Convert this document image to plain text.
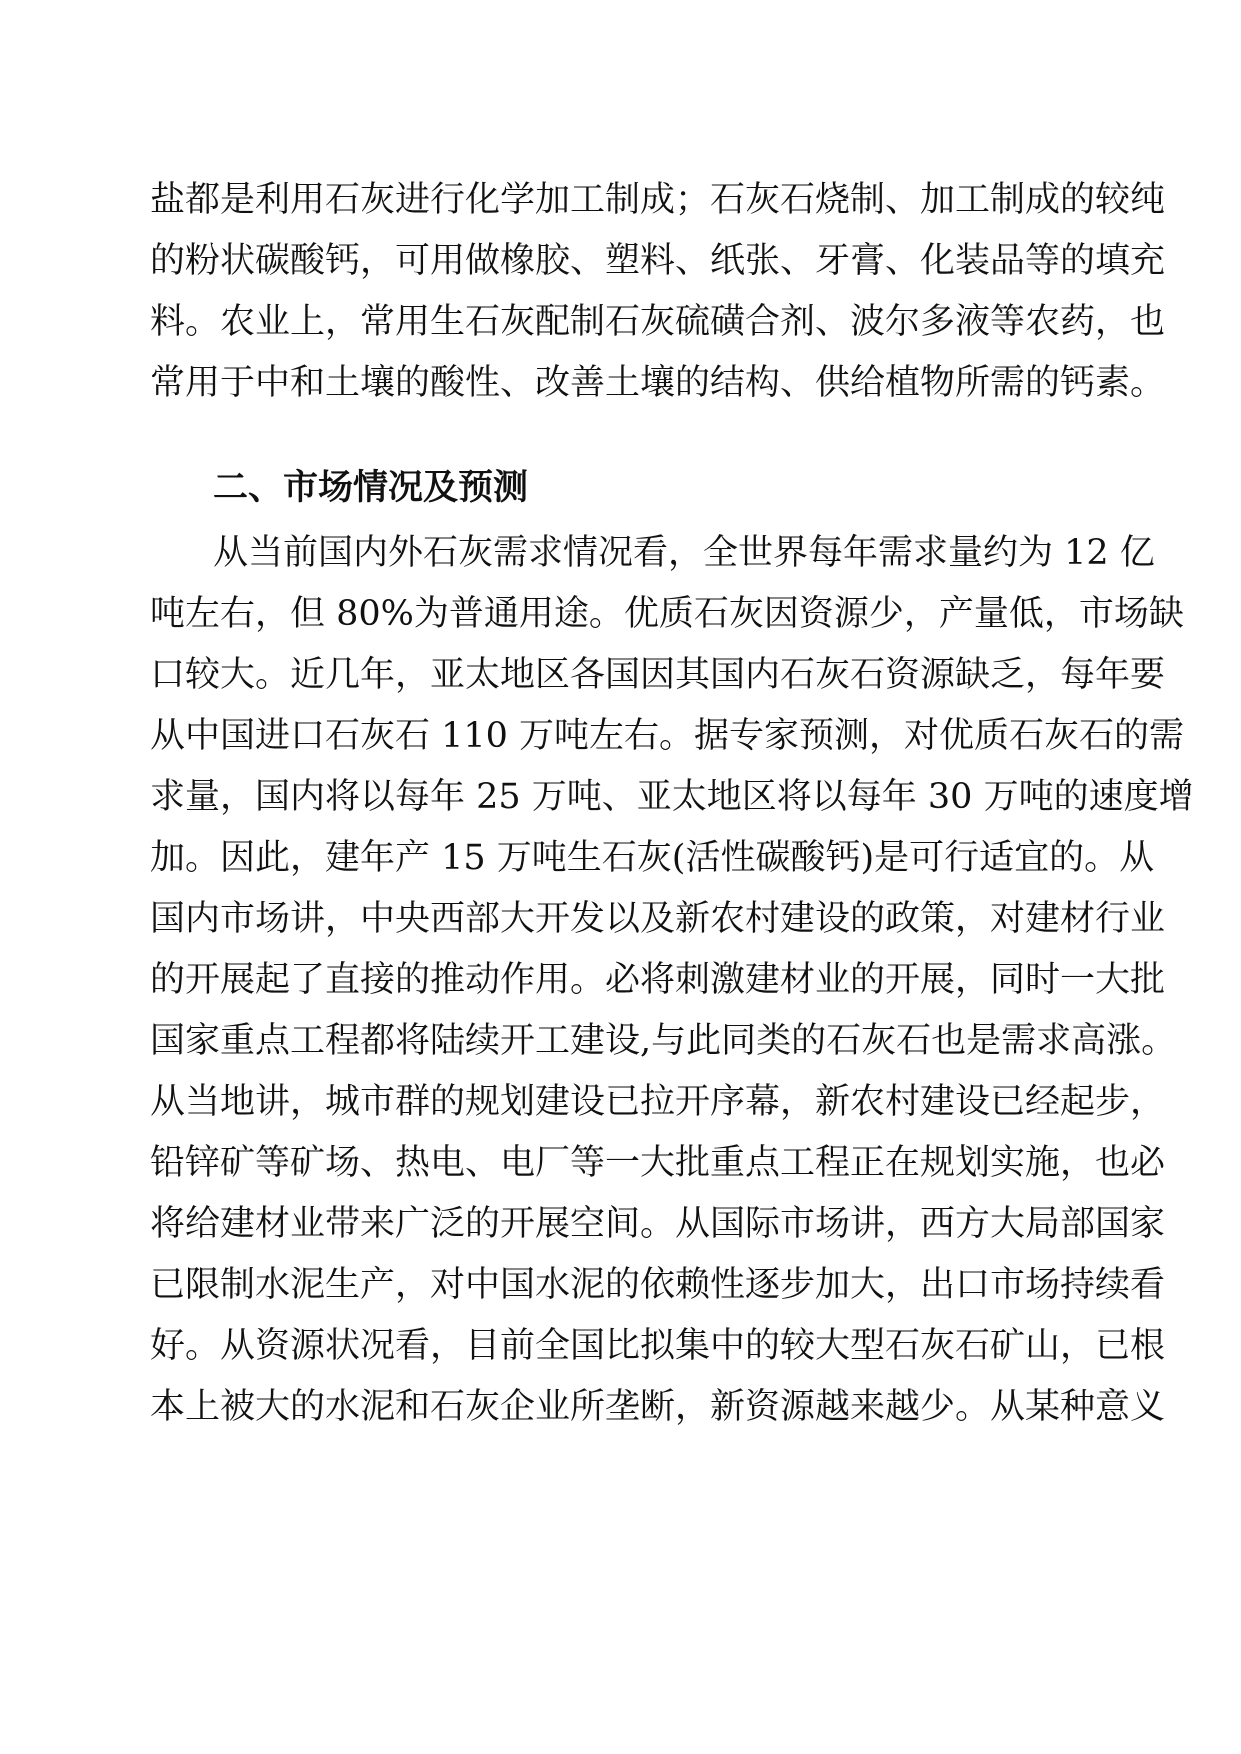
盐都是利用石灰进行化学加工制成；石灰石烧制、加工制成的较纯
的粉状碳酸钙，可用做橡胶、塑料、纸张、牙膏、化装品等的填充
料。农业上，常用生石灰配制石灰硫磺合剂、波尔多液等农药，也
常用于中和土壤的酸性、改善土壤的结构、供给植物所需的钙素。
二、市场情况及预测
从当前国内外石灰需求情况看，全世界每年需求量约为 12 亿
吨左右，但 80%为普通用途。优质石灰因资源少，产量低，市场缺
口较大。近几年，亚太地区各国因其国内石灰石资源缺乏，每年要
从中国进口石灰石 110 万吨左右。据专家预测，对优质石灰石的需
求量，国内将以每年 25 万吨、亚太地区将以每年 30 万吨的速度增
加。因此，建年产 15 万吨生石灰(活性碳酸钙)是可行适宜的。从
国内市场讲，中央西部大开发以及新农村建设的政策，对建材行业
的开展起了直接的推动作用。必将刺激建材业的开展，同时一大批
国家重点工程都将陆续开工建设,与此同类的石灰石也是需求高涨。
从当地讲，城市群的规划建设已拉开序幕，新农村建设已经起步，
铅锌矿等矿场、热电、电厂等一大批重点工程正在规划实施，也必
将给建材业带来广泛的开展空间。从国际市场讲，西方大局部国家
已限制水泥生产，对中国水泥的依赖性逐步加大，出口市场持续看
好。从资源状况看，目前全国比拟集中的较大型石灰石矿山，已根
本上被大的水泥和石灰企业所垄断，新资源越来越少。从某种意义
